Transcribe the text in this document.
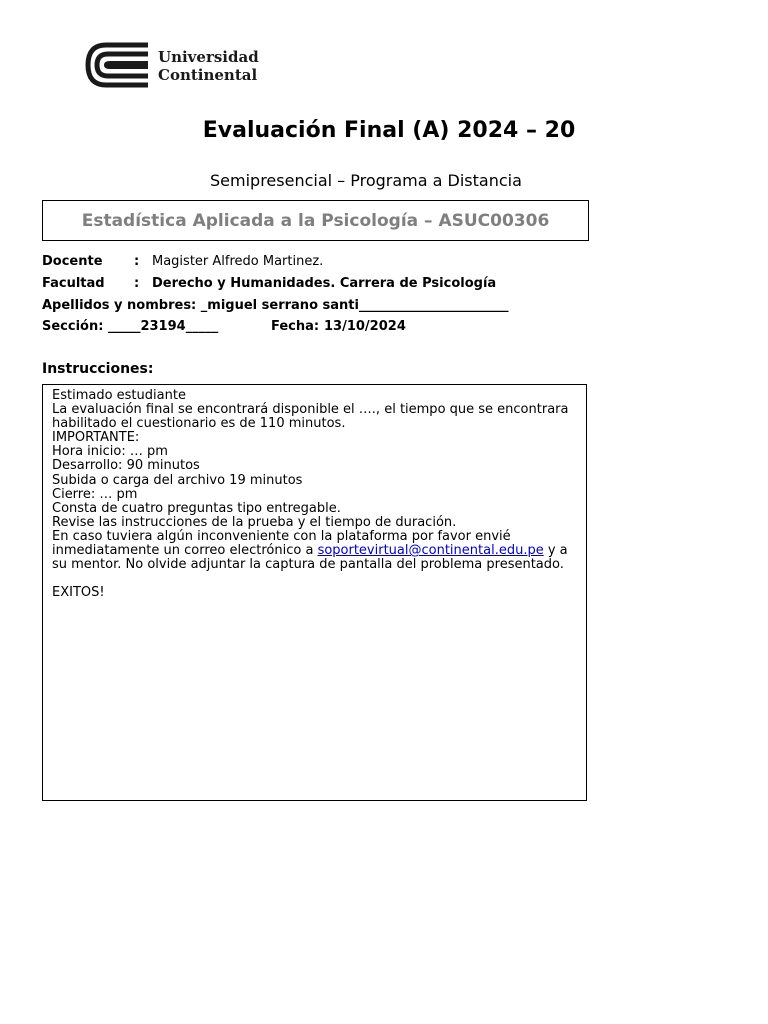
Universidad
Continental
Evaluación Final (A) 2024 – 20
Semipresencial – Programa a Distancia
Estadística Aplicada a la Psicología – ASUC00306
Docente : Magister Alfredo Martinez.
Facultad : Derecho y Humanidades. Carrera de Psicología
Apellidos y nombres: _miguel serrano santi_______________________
Sección: _____23194_____	Fecha: 13/10/2024
Instrucciones:
Estimado estudiante
La evaluación final se encontrará disponible el …., el tiempo que se encontrara
habilitado el cuestionario es de 110 minutos.
IMPORTANTE:
Hora inicio: … pm
Desarrollo: 90 minutos
Subida o carga del archivo 19 minutos
Cierre: … pm
Consta de cuatro preguntas tipo entregable.
Revise las instrucciones de la prueba y el tiempo de duración.
En caso tuviera algún inconveniente con la plataforma por favor envié
inmediatamente un correo electrónico a soportevirtual@continental.edu.pe y a
su mentor. No olvide adjuntar la captura de pantalla del problema presentado.
EXITOS!
